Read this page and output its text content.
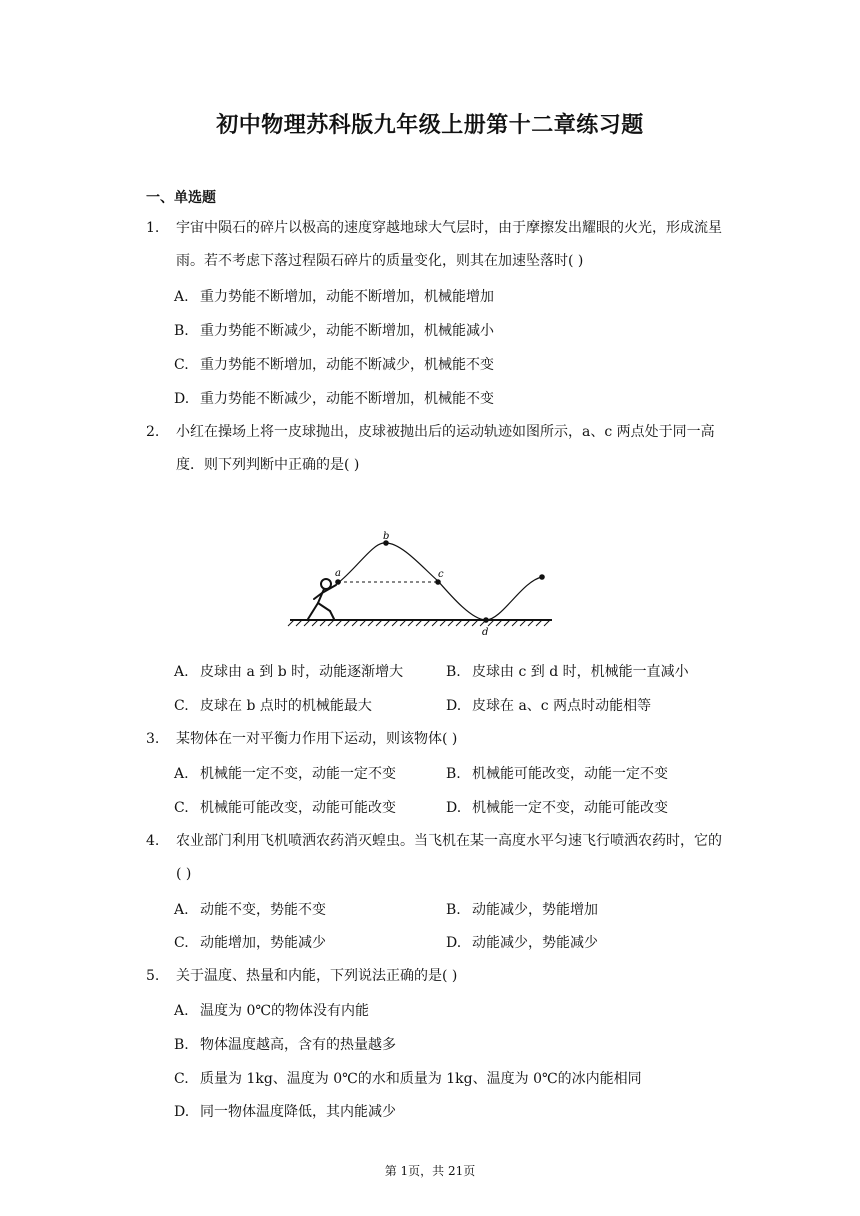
初中物理苏科版九年级上册第十二章练习题
一、单选题
1. 宇宙中陨石的碎片以极高的速度穿越地球大气层时，由于摩擦发出耀眼的火光，形成流星雨。若不考虑下落过程陨石碎片的质量变化，则其在加速坠落时( )
A. 重力势能不断增加，动能不断增加，机械能增加
B. 重力势能不断减少，动能不断增加，机械能减小
C. 重力势能不断增加，动能不断减少，机械能不变
D. 重力势能不断减少，动能不断增加，机械能不变
2. 小红在操场上将一皮球抛出，皮球被抛出后的运动轨迹如图所示，a、c 两点处于同一高度．则下列判断中正确的是( )
a
b
c
d
A. 皮球由 a 到 b 时，动能逐渐增大	B. 皮球由 c 到 d 时，机械能一直减小
C. 皮球在 b 点时的机械能最大	D. 皮球在 a、c 两点时动能相等
3. 某物体在一对平衡力作用下运动，则该物体( )
A. 机械能一定不变，动能一定不变	B. 机械能可能改变，动能一定不变
C. 机械能可能改变，动能可能改变	D. 机械能一定不变，动能可能改变
4. 农业部门利用飞机喷洒农药消灭蝗虫。当飞机在某一高度水平匀速飞行喷洒农药时，它的( )
A. 动能不变，势能不变	B. 动能减少，势能增加
C. 动能增加，势能减少	D. 动能减少，势能减少
5. 关于温度、热量和内能，下列说法正确的是( )
A. 温度为 0℃的物体没有内能
B. 物体温度越高，含有的热量越多
C. 质量为 1kg、温度为 0℃的水和质量为 1kg、温度为 0℃的冰内能相同
D. 同一物体温度降低，其内能减少
第 1页，共 21页
